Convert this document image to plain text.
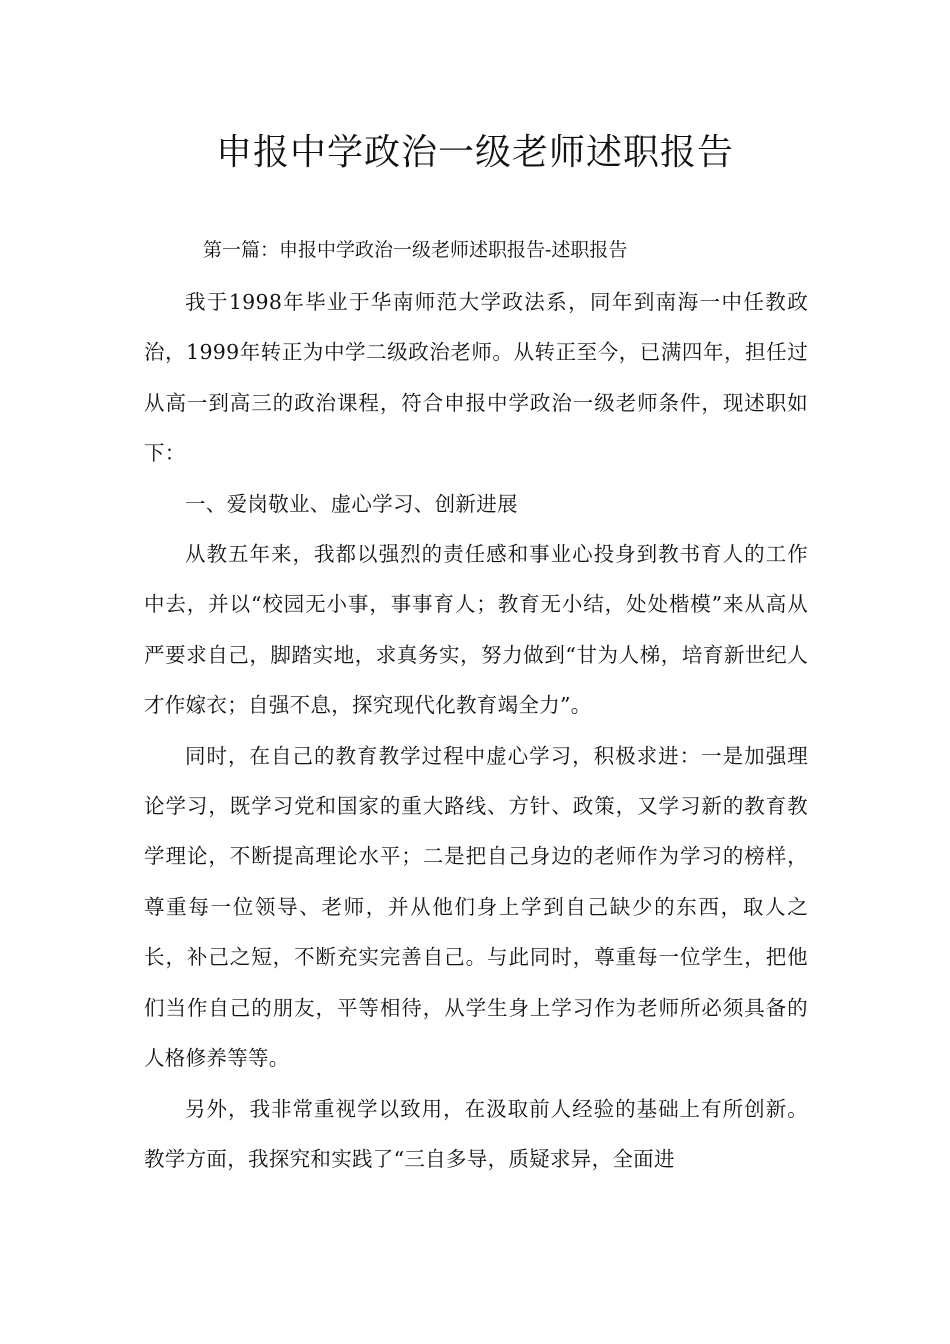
申报中学政治一级老师述职报告
第一篇：申报中学政治一级老师述职报告-述职报告

我于1998年毕业于华南师范大学政法系，同年到南海一中任教政治，1999年转正为中学二级政治老师。从转正至今，已满四年，担任过从高一到高三的政治课程，符合申报中学政治一级老师条件，现述职如下：

一、爱岗敬业、虚心学习、创新进展

从教五年来，我都以强烈的责任感和事业心投身到教书育人的工作中去，并以“校园无小事，事事育人；教育无小结，处处楷模”来从高从严要求自己，脚踏实地，求真务实，努力做到“甘为人梯，培育新世纪人才作嫁衣；自强不息，探究现代化教育竭全力”。

同时，在自己的教育教学过程中虚心学习，积极求进：一是加强理论学习，既学习党和国家的重大路线、方针、政策，又学习新的教育教学理论，不断提高理论水平；二是把自己身边的老师作为学习的榜样，尊重每一位领导、老师，并从他们身上学到自己缺少的东西，取人之长，补己之短，不断充实完善自己。与此同时，尊重每一位学生，把他们当作自己的朋友，平等相待，从学生身上学习作为老师所必须具备的人格修养等等。

另外，我非常重视学以致用，在汲取前人经验的基础上有所创新。教学方面，我探究和实践了“三自多导，质疑求异，全面进
